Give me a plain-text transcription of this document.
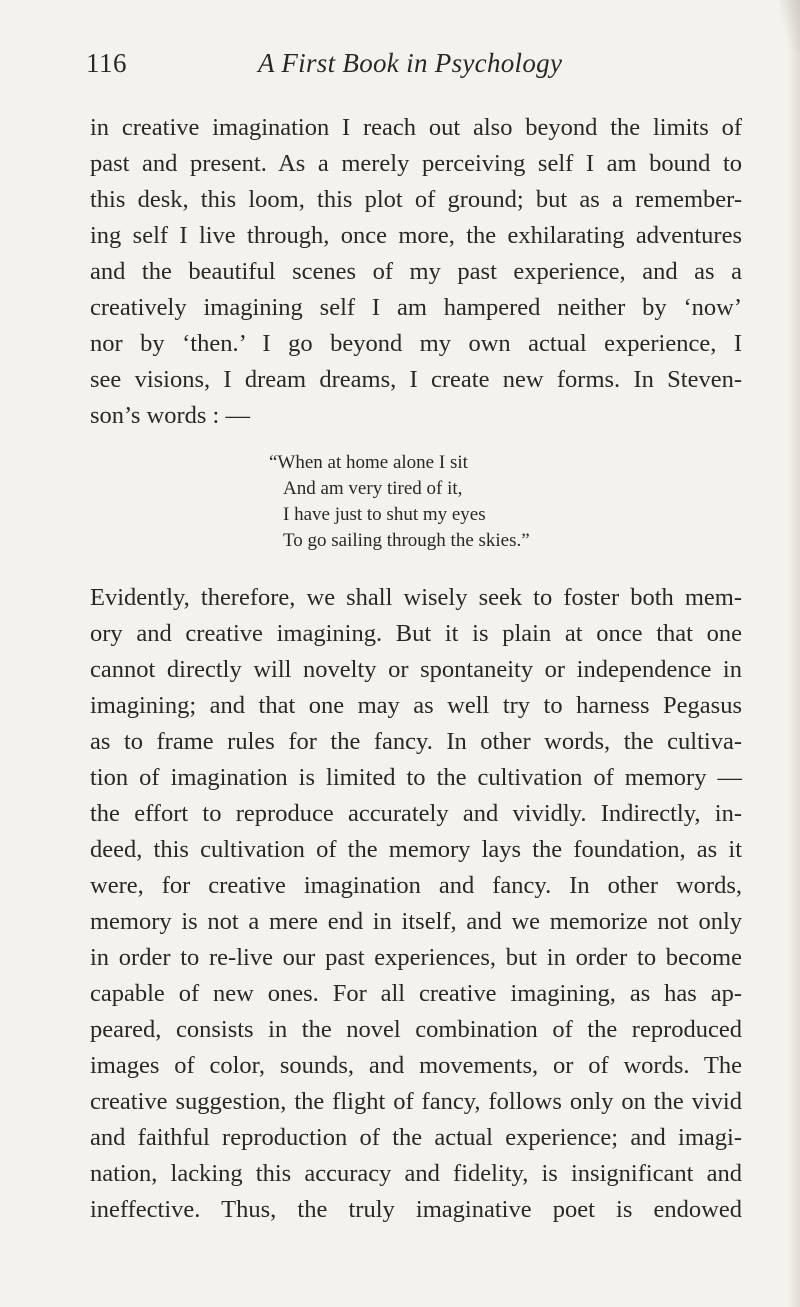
116	A First Book in Psychology
in creative imagination I reach out also beyond the limits of
past and present. As a merely perceiving self I am bound to
this desk, this loom, this plot of ground; but as a remember-
ing self I live through, once more, the exhilarating adventures
and the beautiful scenes of my past experience, and as a
creatively imagining self I am hampered neither by ‘now’
nor by ‘then.’ I go beyond my own actual experience, I
see visions, I dream dreams, I create new forms. In Steven-
son’s words : —
“When at home alone I sit
And am very tired of it,
I have just to shut my eyes
To go sailing through the skies.”
Evidently, therefore, we shall wisely seek to foster both mem-
ory and creative imagining. But it is plain at once that one
cannot directly will novelty or spontaneity or independence in
imagining; and that one may as well try to harness Pegasus
as to frame rules for the fancy. In other words, the cultiva-
tion of imagination is limited to the cultivation of memory —
the effort to reproduce accurately and vividly. Indirectly, in-
deed, this cultivation of the memory lays the foundation, as it
were, for creative imagination and fancy. In other words,
memory is not a mere end in itself, and we memorize not only
in order to re-live our past experiences, but in order to become
capable of new ones. For all creative imagining, as has ap-
peared, consists in the novel combination of the reproduced
images of color, sounds, and movements, or of words. The
creative suggestion, the flight of fancy, follows only on the vivid
and faithful reproduction of the actual experience; and imagi-
nation, lacking this accuracy and fidelity, is insignificant and
ineffective. Thus, the truly imaginative poet is endowed
